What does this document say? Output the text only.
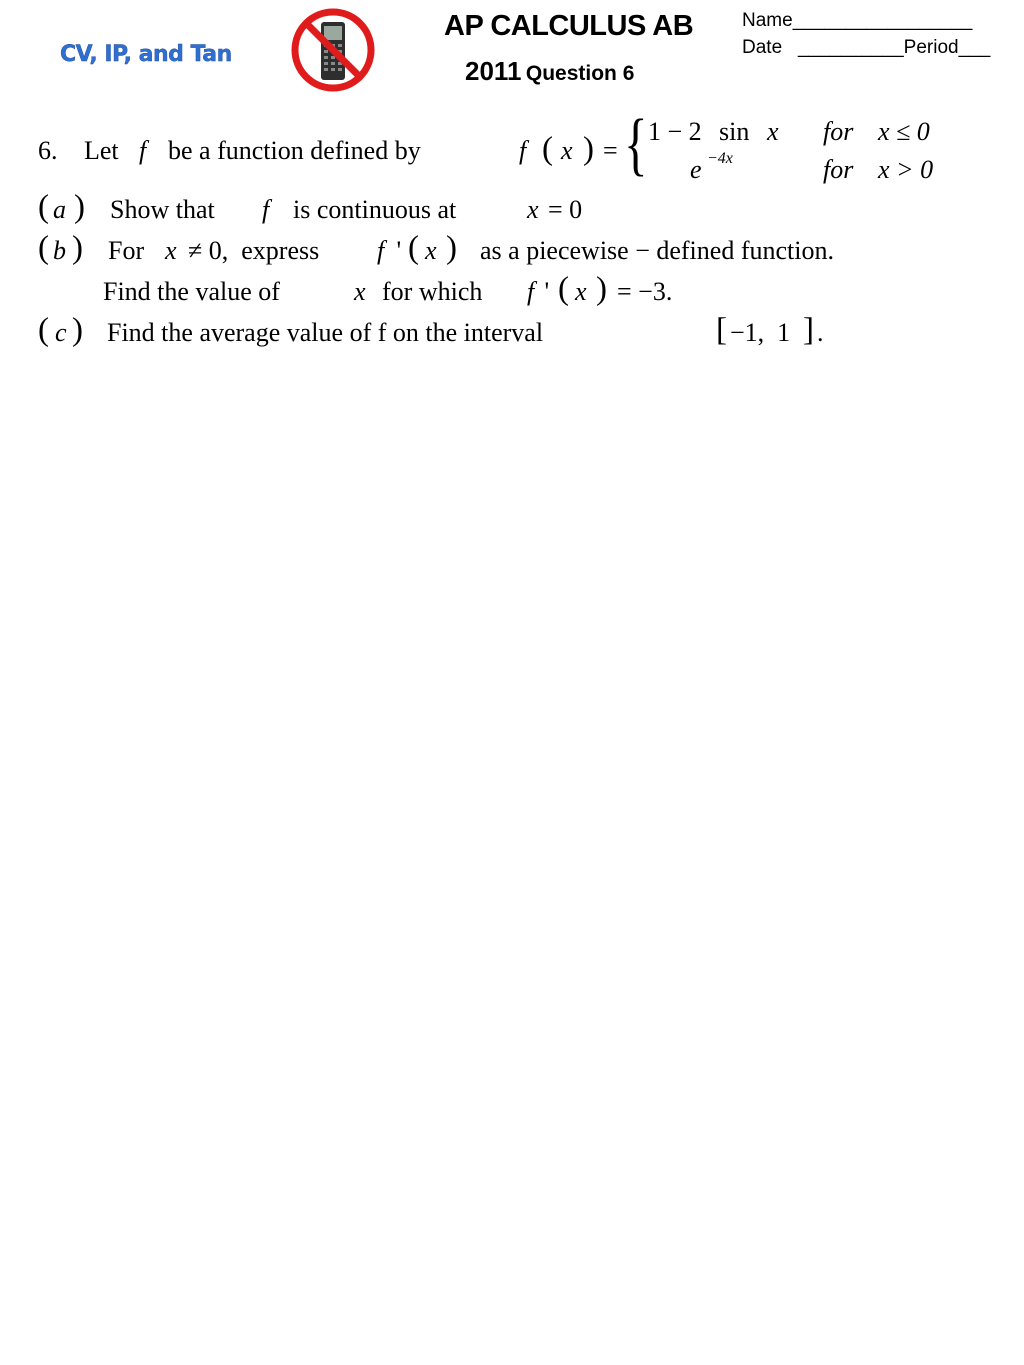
CV, IP, and Tan
AP CALCULUS AB
2011 Question 6
Name_________________
Date __________Period___
6. Let f be a function defined by	f ( x ) = { 1 − 2 sin x for x ≤ 0
e −4x	for x > 0
( a ) Show that f is continuous at	x = 0
( b ) For x ≠ 0,  express f ' ( x ) as a piecewise − defined function.
Find the value of	x for which f ' ( x ) = −3.
( c ) Find the average value of f on the interval	[ −1,  1 ] .
